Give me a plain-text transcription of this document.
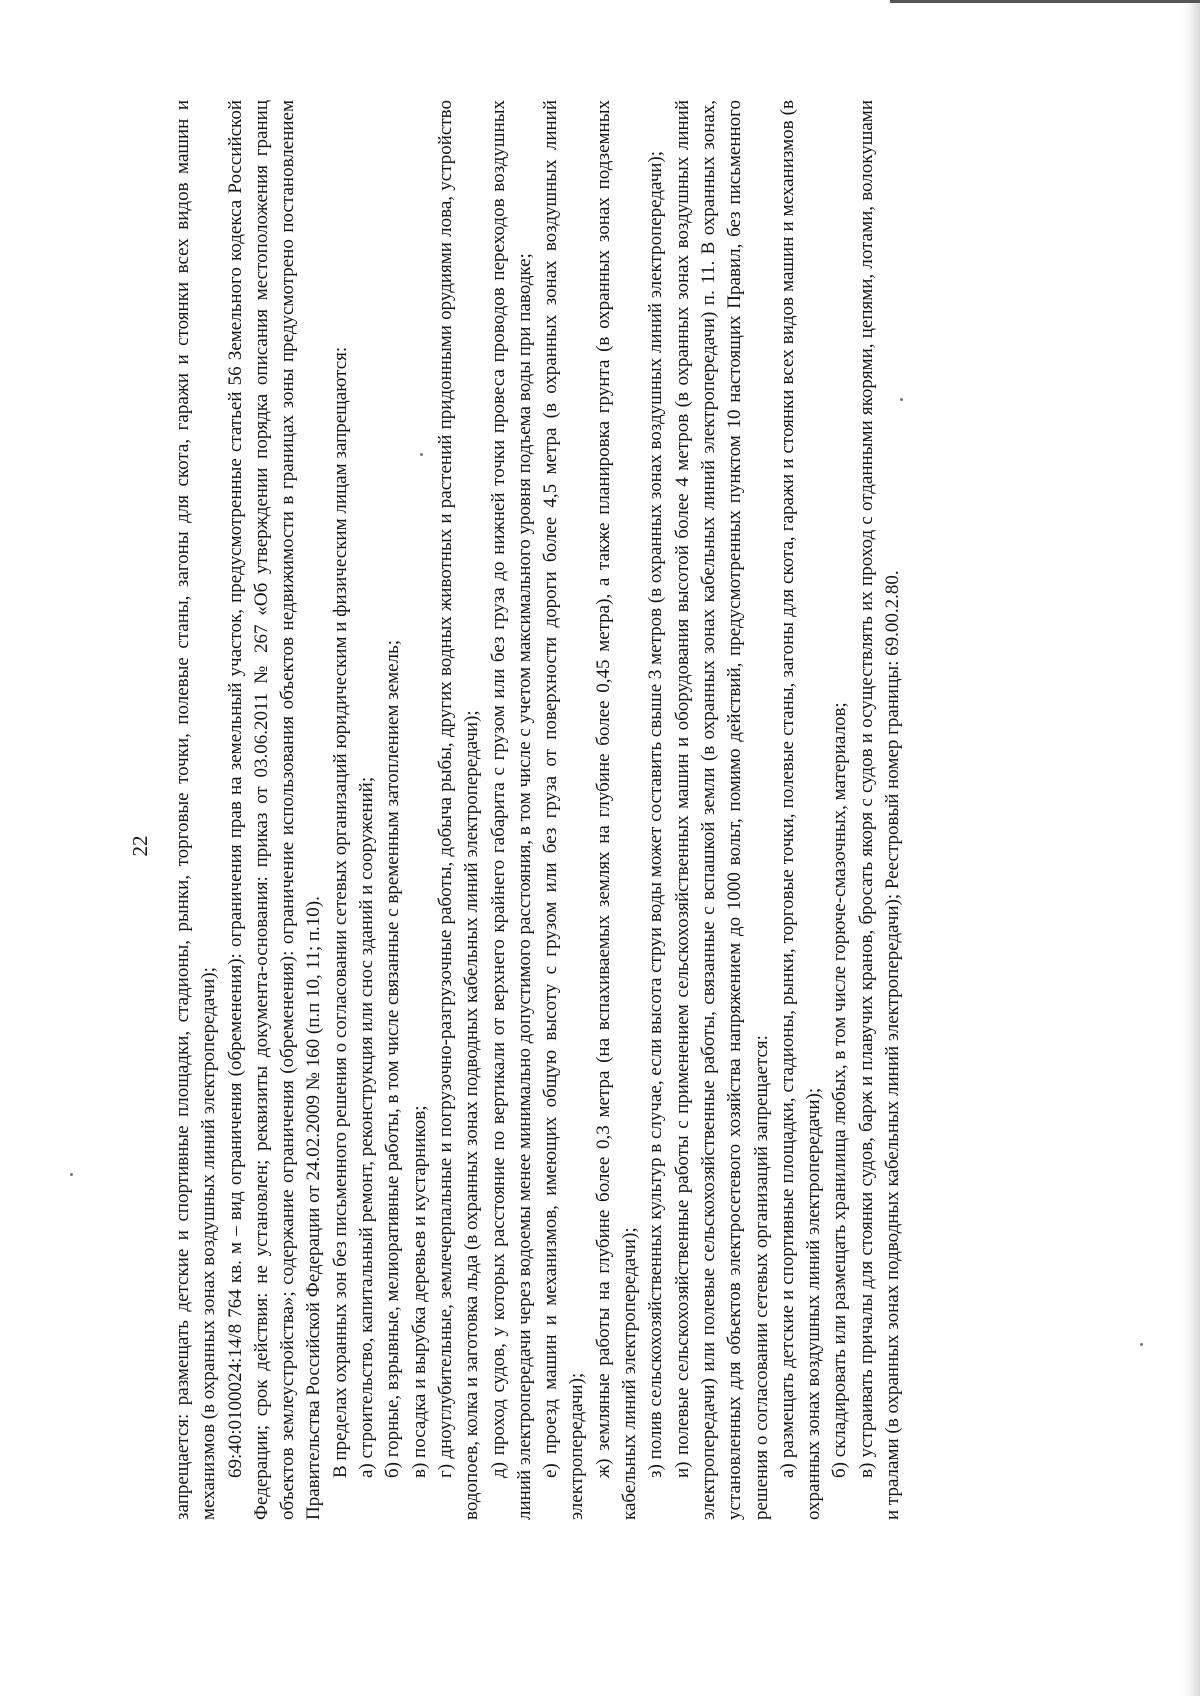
22 запрещается: размещать детские и спортивные площадки, стадионы, рынки, торговые точки, полевые станы, загоны для скота, гаражи и стоянки всех видов машин и механизмов (в охранных зонах воздушных линий электропередачи); 69:40:0100024:14/8 764 кв. м – вид ограничения (обременения): ограничения прав на земельный участок, предусмотренные статьей 56 Земельного кодекса Российской Федерации; срок действия: не установлен; реквизиты документа-основания: приказ от 03.06.2011 № 267 «Об утверждении порядка описания местоположения границ объектов землеустройства»; содержание ограничения (обременения): ограничение использования объектов недвижимости в границах зоны предусмотрено постановлением Правительства Российской Федерации от 24.02.2009 № 160 (п.п 10, 11; п.10). В пределах охранных зон без письменного решения о согласовании сетевых организаций юридическим и физическим лицам запрещаются: а) строительство, капитальный ремонт, реконструкция или снос зданий и сооружений; б) горные, взрывные, мелиоративные работы, в том числе связанные с временным затоплением земель; в) посадка и вырубка деревьев и кустарников; г) дноуглубительные, землечерпальные и погрузочно-разгрузочные работы, добыча рыбы, других водных животных и растений придонными орудиями лова, устройство водопоев, колка и заготовка льда (в охранных зонах подводных кабельных линий электропередачи); д) проход судов, у которых расстояние по вертикали от верхнего крайнего габарита с грузом или без груза до нижней точки провеса проводов переходов воздушных линий электропередачи через водоемы менее минимально допустимого расстояния, в том числе с учетом максимального уровня подъема воды при паводке; е) проезд машин и механизмов, имеющих общую высоту с грузом или без груза от поверхности дороги более 4,5 метра (в охранных зонах воздушных линий электропередачи); ж) земляные работы на глубине более 0,3 метра (на вспахиваемых землях на глубине более 0,45 метра), а также планировка грунта (в охранных зонах подземных кабельных линий электропередачи); з) полив сельскохозяйственных культур в случае, если высота струи воды может составить свыше 3 метров (в охранных зонах воздушных линий электропередачи); и) полевые сельскохозяйственные работы с применением сельскохозяйственных машин и оборудования высотой более 4 метров (в охранных зонах воздушных линий электропередачи) или полевые сельскохозяйственные работы, связанные с вспашкой земли (в охранных зонах кабельных линий электропередачи) п. 11. В охранных зонах, установленных для объектов электросетевого хозяйства напряжением до 1000 вольт, помимо действий, предусмотренных пунктом 10 настоящих Правил, без письменного решения о согласовании сетевых организаций запрещается: а) размещать детские и спортивные площадки, стадионы, рынки, торговые точки, полевые станы, загоны для скота, гаражи и стоянки всех видов машин и механизмов (в охранных зонах воздушных линий электропередачи); б) складировать или размещать хранилища любых, в том числе горюче-смазочных, материалов; в) устраивать причалы для стоянки судов, барж и плавучих кранов, бросать якоря с судов и осуществлять их проход с отданными якорями, цепями, лотами, волокушами и тралами (в охранных зонах подводных кабельных линий электропередачи); Реестровый номер границы: 69.00.2.80.
